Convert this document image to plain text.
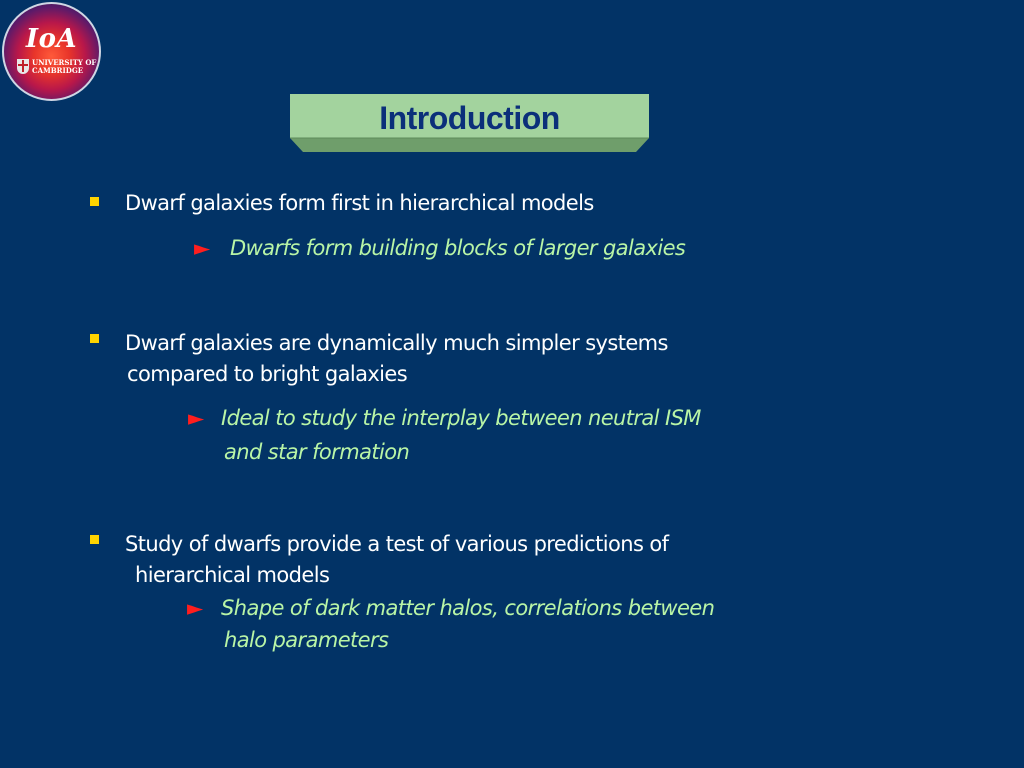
IoA
UNIVERSITY OF
CAMBRIDGE
Introduction
Dwarf galaxies form first in hierarchical models
► Dwarfs form building blocks of larger galaxies
Dwarf galaxies are dynamically much simpler systems
compared to bright galaxies
► Ideal to study the interplay between neutral ISM
and star formation
Study of dwarfs provide a test of various predictions of
hierarchical models
► Shape of dark matter halos, correlations between
halo parameters
